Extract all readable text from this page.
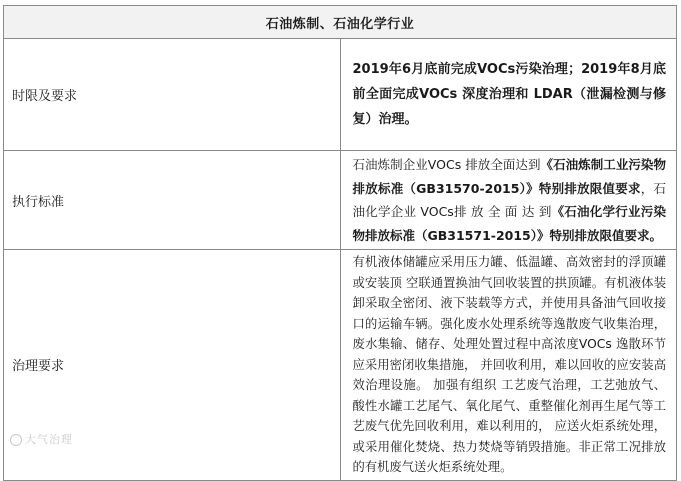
石油炼制、石油化学行业	
时限及要求	2019年6月底前完成VOCs污染治理；2019年8月底前全面完成VOCs 深度治理和 LDAR（泄漏检测与修复）治理。
执行标准	石油炼制企业VOCs 排放全面达到《石油炼制工业污染物排放标准（GB31570-2015）》特别排放限值要求，石油化学企业 VOCs排 放 全 面 达 到《石油化学行业污染物排放标准（GB31571-2015）》特别排放限值要求。
治理要求	有机液体储罐应采用压力罐、低温罐、高效密封的浮顶罐或安装顶 空联通置换油气回收装置的拱顶罐。有机液体装卸采取全密闭、液下装载等方式，并使用具备油气回收接口的运输车辆。强化废水处理系统等逸散废气收集治理，废水集输、储存、处理处置过程中高浓度VOCs 逸散环节应采用密闭收集措施， 并回收利用，难以回收的应安装高效治理设施。 加强有组织 工艺废气治理，工艺弛放气、酸性水罐工艺尾气、氧化尾气、重整催化剂再生尾气等工艺废气优先回收利用，难以利用的， 应送火炬系统处理，或采用催化焚烧、热力焚烧等销毁措施。非正常工况排放的有机废气送火炬系统处理。
大气治理
